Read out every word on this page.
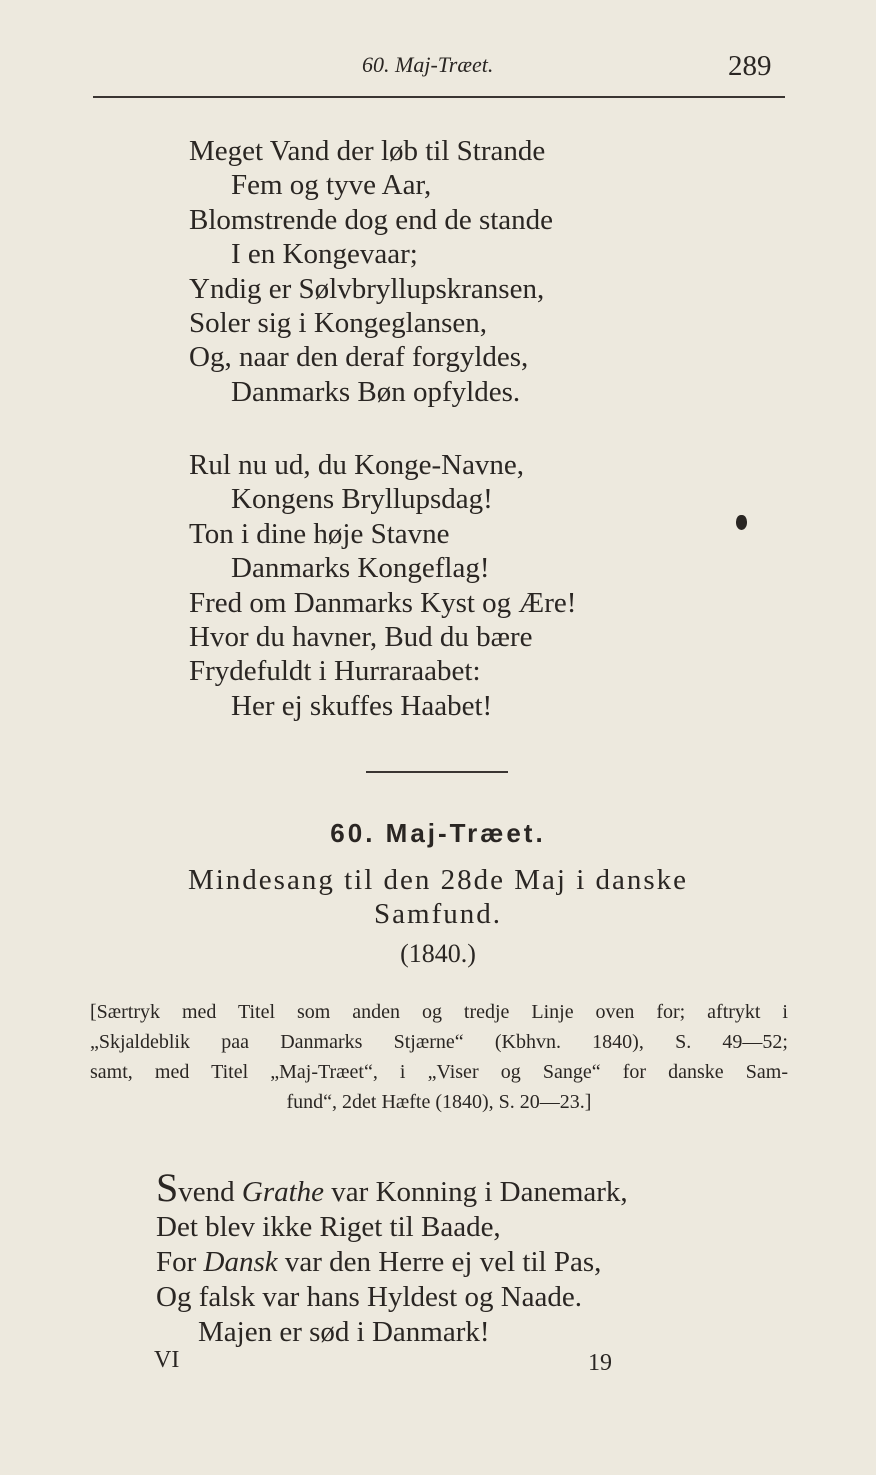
60. Maj-Træet.	289
Meget Vand der løb til Strande
Fem og tyve Aar,
Blomstrende dog end de stande
I en Kongevaar;
Yndig er Sølvbryllupskransen,
Soler sig i Kongeglansen,
Og, naar den deraf forgyldes,
Danmarks Bøn opfyldes.
Rul nu ud, du Konge-Navne,
Kongens Bryllupsdag!
Ton i dine høje Stavne
Danmarks Kongeflag!
Fred om Danmarks Kyst og Ære!
Hvor du havner, Bud du bære
Frydefuldt i Hurraraabet:
Her ej skuffes Haabet!
60. Maj-Træet.
Mindesang til den 28de Maj i danske
Samfund.
(1840.)
[Særtryk med Titel som anden og tredje Linje oven for; aftrykt i
„Skjaldeblik paa Danmarks Stjærne“ (Kbhvn. 1840), S. 49—52;
samt, med Titel „Maj-Træet“, i „Viser og Sange“ for danske Sam-
fund“, 2det Hæfte (1840), S. 20—23.]
Svend Grathe var Konning i Danemark,
Det blev ikke Riget til Baade,
For Dansk var den Herre ej vel til Pas,
Og falsk var hans Hyldest og Naade.
Majen er sød i Danmark!
VI	19
